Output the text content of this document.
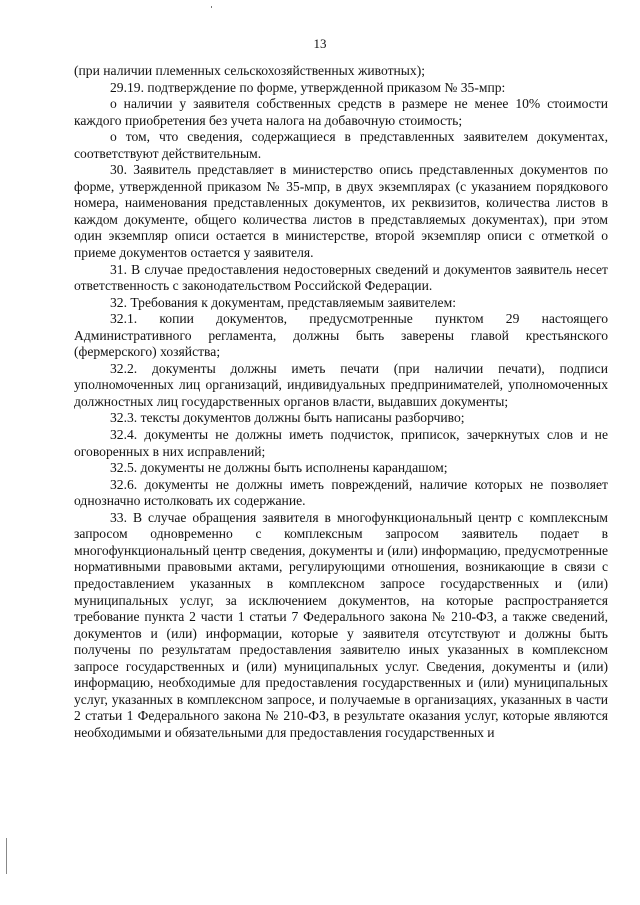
13

(при наличии племенных сельскохозяйственных животных);

29.19. подтверждение по форме, утвержденной приказом № 35-мпр:

о наличии у заявителя собственных средств в размере не менее 10% стоимости каждого приобретения без учета налога на добавочную стоимость;

о том, что сведения, содержащиеся в представленных заявителем документах, соответствуют действительным.

30. Заявитель представляет в министерство опись представленных документов по форме, утвержденной приказом № 35-мпр, в двух экземплярах (с указанием порядкового номера, наименования представленных документов, их реквизитов, количества листов в каждом документе, общего количества листов в представляемых документах), при этом один экземпляр описи остается в министерстве, второй экземпляр описи с отметкой о приеме документов остается у заявителя.

31. В случае предоставления недостоверных сведений и документов заявитель несет ответственность с законодательством Российской Федерации.

32. Требования к документам, представляемым заявителем:

32.1. копии документов, предусмотренные пунктом 29 настоящего Административного регламента, должны быть заверены главой крестьянского (фермерского) хозяйства;

32.2. документы должны иметь печати (при наличии печати), подписи уполномоченных лиц организаций, индивидуальных предпринимателей, уполномоченных должностных лиц государственных органов власти, выдавших документы;

32.3. тексты документов должны быть написаны разборчиво;

32.4. документы не должны иметь подчисток, приписок, зачеркнутых слов и не оговоренных в них исправлений;

32.5. документы не должны быть исполнены карандашом;

32.6. документы не должны иметь повреждений, наличие которых не позволяет однозначно истолковать их содержание.

33. В случае обращения заявителя в многофункциональный центр с комплексным запросом одновременно с комплексным запросом заявитель подает в многофункциональный центр сведения, документы и (или) информацию, предусмотренные нормативными правовыми актами, регулирующими отношения, возникающие в связи с предоставлением указанных в комплексном запросе государственных и (или) муниципальных услуг, за исключением документов, на которые распространяется требование пункта 2 части 1 статьи 7 Федерального закона № 210-ФЗ, а также сведений, документов и (или) информации, которые у заявителя отсутствуют и должны быть получены по результатам предоставления заявителю иных указанных в комплексном запросе государственных и (или) муниципальных услуг. Сведения, документы и (или) информацию, необходимые для предоставления государственных и (или) муниципальных услуг, указанных в комплексном запросе, и получаемые в организациях, указанных в части 2 статьи 1 Федерального закона № 210-ФЗ, в результате оказания услуг, которые являются необходимыми и обязательными для предоставления государственных и
